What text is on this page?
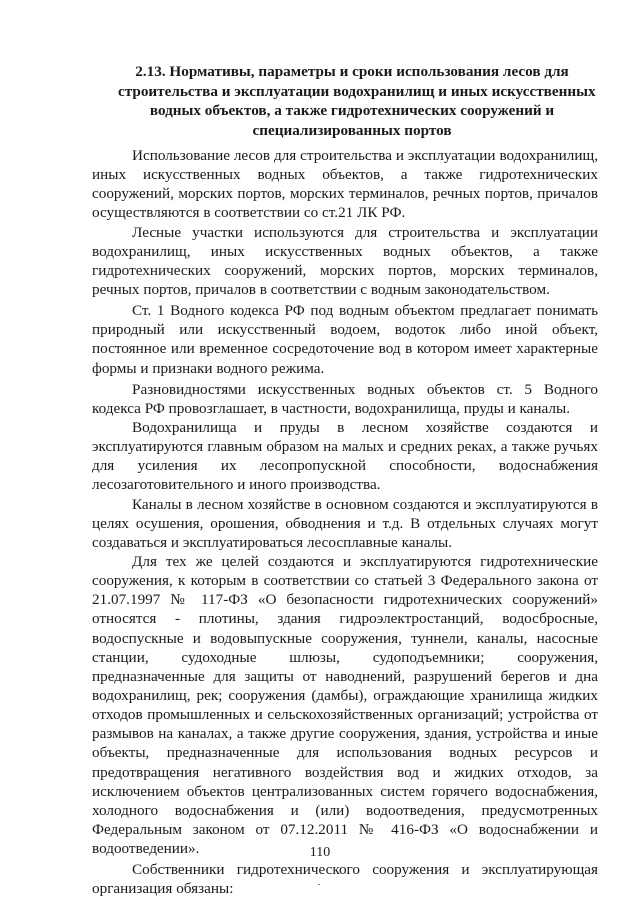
2.13. Нормативы, параметры и сроки использования лесов для
строительства и эксплуатации водохранилищ и иных искусственных
водных объектов, а также гидротехнических сооружений и
специализированных портов

Использование лесов для строительства и эксплуатации водохранилищ,
иных искусственных водных объектов, а также гидротехнических
сооружений, морских портов, морских терминалов, речных портов, причалов
осуществляются в соответствии со ст.21 ЛК РФ.

Лесные участки используются для строительства и эксплуатации
водохранилищ, иных искусственных водных объектов, а также
гидротехнических сооружений, морских портов, морских терминалов,
речных портов, причалов в соответствии с водным законодательством.

Ст. 1 Водного кодекса РФ под водным объектом предлагает понимать
природный или искусственный водоем, водоток либо иной объект,
постоянное или временное сосредоточение вод в котором имеет характерные
формы и признаки водного режима.

Разновидностями искусственных водных объектов ст. 5 Водного
кодекса РФ провозглашает, в частности, водохранилища, пруды и каналы.

Водохранилища и пруды в лесном хозяйстве создаются и
эксплуатируются главным образом на малых и средних реках, а также ручьях
для усиления их лесопропускной способности, водоснабжения
лесозаготовительного и иного производства.

Каналы в лесном хозяйстве в основном создаются и эксплуатируются в
целях осушения, орошения, обводнения и т.д. В отдельных случаях могут
создаваться и эксплуатироваться лесосплавные каналы.

Для тех же целей создаются и эксплуатируются гидротехнические
сооружения, к которым в соответствии со статьей 3 Федерального закона от
21.07.1997 № 117-ФЗ «О безопасности гидротехнических сооружений»
относятся - плотины, здания гидроэлектростанций, водосбросные,
водоспускные и водовыпускные сооружения, туннели, каналы, насосные
станции, судоходные шлюзы, судоподъемники; сооружения,
предназначенные для защиты от наводнений, разрушений берегов и дна
водохранилищ, рек; сооружения (дамбы), ограждающие хранилища жидких
отходов промышленных и сельскохозяйственных организаций; устройства от
размывов на каналах, а также другие сооружения, здания, устройства и иные
объекты, предназначенные для использования водных ресурсов и
предотвращения негативного воздействия вод и жидких отходов, за
исключением объектов централизованных систем горячего водоснабжения,
холодного водоснабжения и (или) водоотведения, предусмотренных
Федеральным законом от 07.12.2011 № 416-ФЗ «О водоснабжении и
водоотведении».

Собственники гидротехнического сооружения и эксплуатирующая
организация обязаны:

110
